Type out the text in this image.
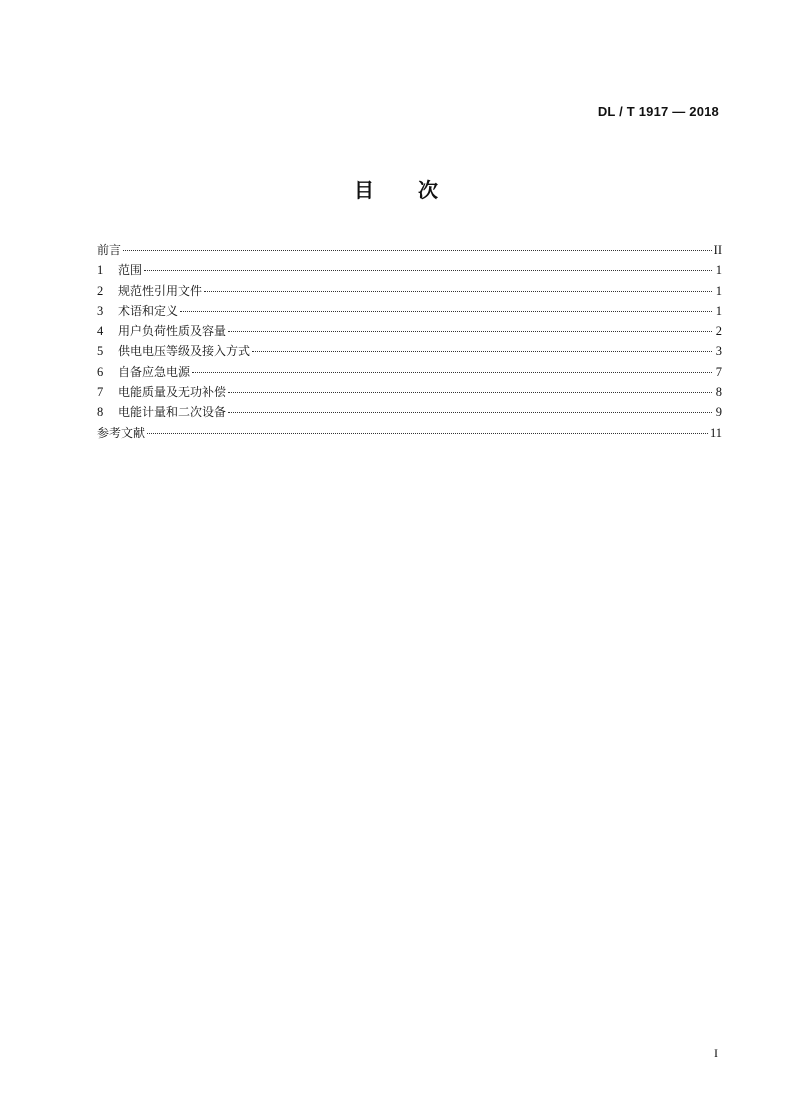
DL / T 1917 — 2018
目 次
前言	II
1	范围	1
2	规范性引用文件	1
3	术语和定义	1
4	用户负荷性质及容量	2
5	供电电压等级及接入方式	3
6	自备应急电源	7
7	电能质量及无功补偿	8
8	电能计量和二次设备	9
参考文献	11
I
